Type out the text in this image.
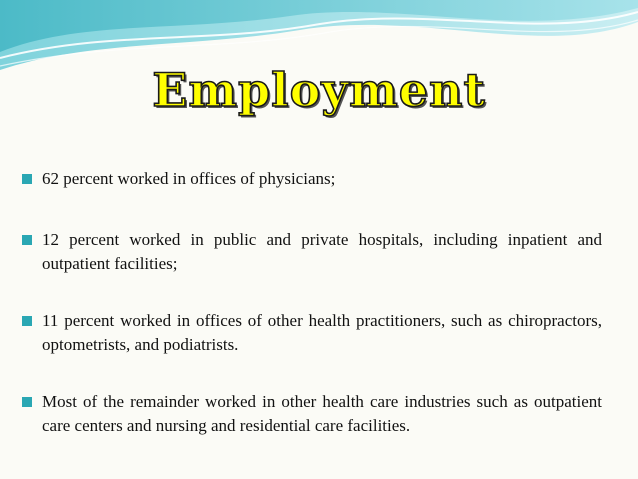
Employment
62 percent worked in offices of physicians;
12 percent worked in public and private hospitals, including inpatient and outpatient facilities;
11 percent worked in offices of other health practitioners, such as chiropractors, optometrists, and podiatrists.
Most of the remainder worked in other health care industries such as outpatient care centers and nursing and residential care facilities.
